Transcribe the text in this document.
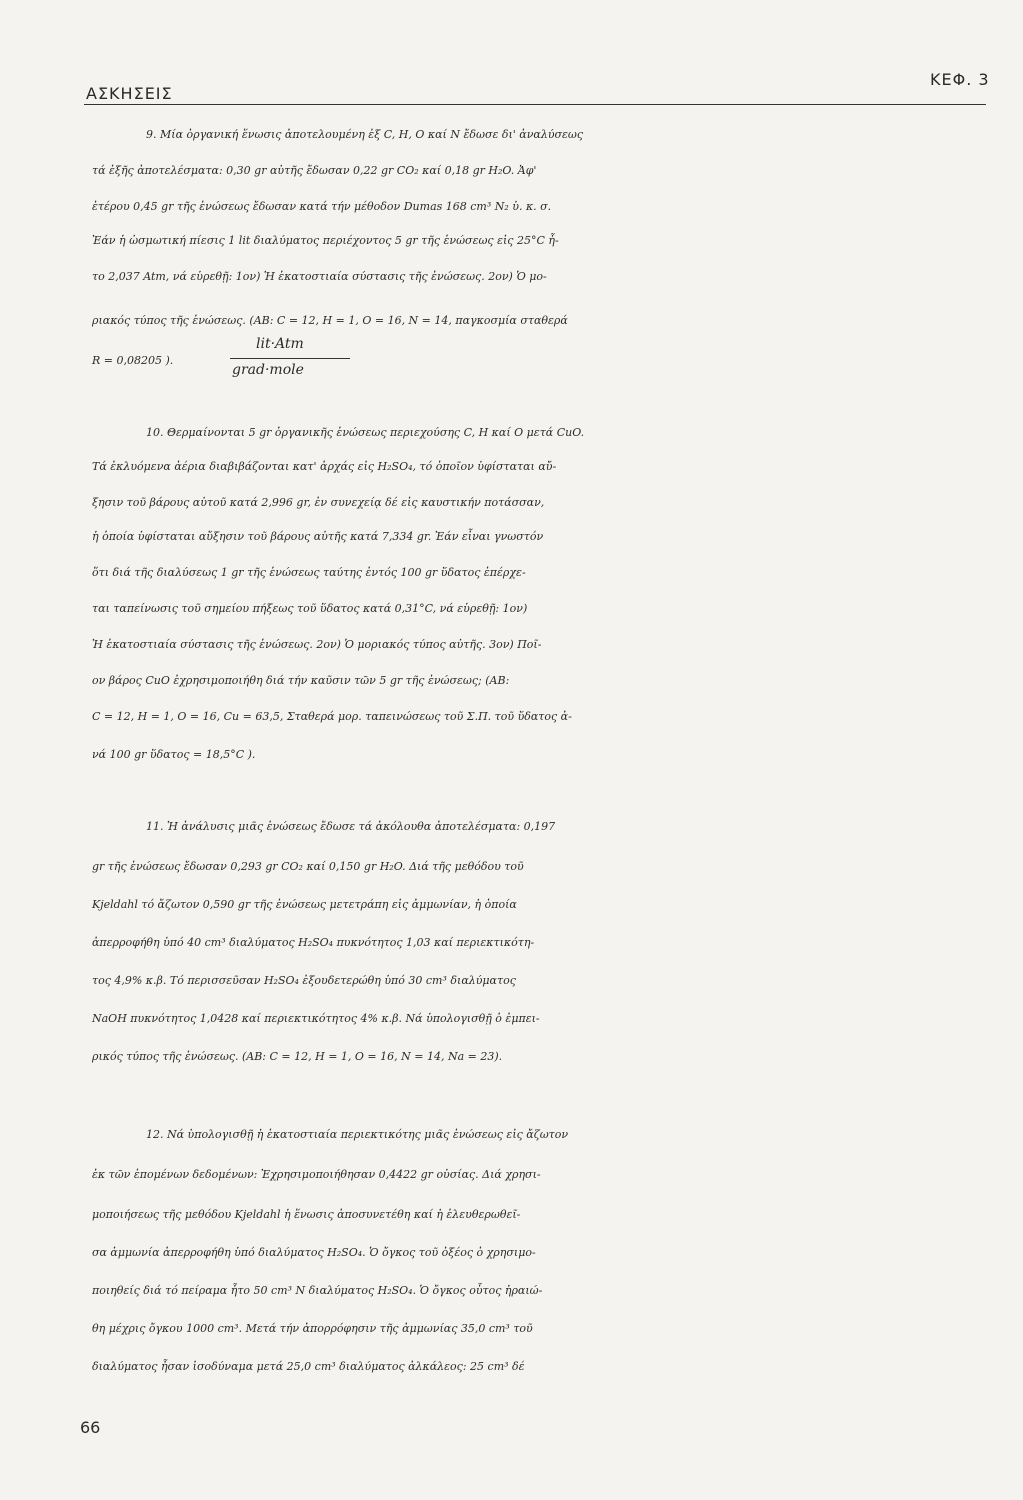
ΑΣΚΗΣΕΙΣ
ΚΕΦ. 3
9. Μία ὀργανική ἕνωσις ἀποτελουμένη ἐξ C, H, O καί N ἔδωσε δι' ἀναλύσεως
τά ἑξῆς ἀποτελέσματα: 0,30 gr αὐτῆς ἔδωσαν 0,22 gr CO₂ καί 0,18 gr H₂O. Ἀφ'
ἑτέρου 0,45 gr τῆς ἑνώσεως ἔδωσαν κατά τήν μέθοδον Dumas 168 cm³ N₂ ὑ. κ. σ.
Ἐάν ἡ ὠσμωτική πίεσις 1 lit διαλύματος περιέχοντος 5 gr τῆς ἑνώσεως εἰς 25°C ἦ-
το 2,037 Atm, νά εὑρεθῇ: 1ον) Ἡ ἑκατοστιαία σύστασις τῆς ἑνώσεως. 2ον) Ὁ μο-
ριακός τύπος τῆς ἑνώσεως. (ΑΒ: C = 12, H = 1, O = 16, N = 14, παγκοσμία σταθερά
R = 0,08205 ).
lit·Atm
grad·mole
10. Θερμαίνονται 5 gr ὀργανικῆς ἑνώσεως περιεχούσης C, H καί O μετά CuO.
Τά ἐκλυόμενα ἀέρια διαβιβάζονται κατ' ἀρχάς εἰς H₂SO₄, τό ὁποῖον ὑφίσταται αὔ-
ξησιν τοῦ βάρους αὐτοῦ κατά 2,996 gr, ἐν συνεχείᾳ δέ εἰς καυστικήν ποτάσσαν,
ἡ ὁποία ὑφίσταται αὔξησιν τοῦ βάρους αὐτῆς κατά 7,334 gr. Ἐάν εἶναι γνωστόν
ὅτι διά τῆς διαλύσεως 1 gr τῆς ἑνώσεως ταύτης ἐντός 100 gr ὕδατος ἐπέρχε-
ται ταπείνωσις τοῦ σημείου πήξεως τοῦ ὕδατος κατά 0,31°C, νά εὑρεθῇ: 1ον)
Ἡ ἑκατοστιαία σύστασις τῆς ἑνώσεως. 2ον) Ὁ μοριακός τύπος αὐτῆς. 3ον) Ποῖ-
ον βάρος CuO ἐχρησιμοποιήθη διά τήν καῦσιν τῶν 5 gr τῆς ἑνώσεως; (ΑΒ:
C = 12, H = 1, O = 16, Cu = 63,5, Σταθερά μορ. ταπεινώσεως τοῦ Σ.Π. τοῦ ὕδατος ἀ-
νά 100 gr ὕδατος = 18,5°C ).
11. Ἡ ἀνάλυσις μιᾶς ἑνώσεως ἔδωσε τά ἀκόλουθα ἀποτελέσματα: 0,197
gr τῆς ἑνώσεως ἔδωσαν 0,293 gr CO₂ καί 0,150 gr H₂O. Διά τῆς μεθόδου τοῦ
Kjeldahl τό ἄζωτον 0,590 gr τῆς ἑνώσεως μετετράπη εἰς ἀμμωνίαν, ἡ ὁποία
ἀπερροφήθη ὑπό 40 cm³ διαλύματος H₂SO₄ πυκνότητος 1,03 καί περιεκτικότη-
τος 4,9% κ.β. Τό περισσεῦσαν H₂SO₄ ἐξουδετερώθη ὑπό 30 cm³ διαλύματος
NaOH πυκνότητος 1,0428 καί περιεκτικότητος 4% κ.β. Νά ὑπολογισθῇ ὁ ἐμπει-
ρικός τύπος τῆς ἑνώσεως. (ΑΒ: C = 12, H = 1, O = 16, N = 14, Na = 23).
12. Νά ὑπολογισθῇ ἡ ἑκατοστιαία περιεκτικότης μιᾶς ἑνώσεως εἰς ἄζωτον
ἐκ τῶν ἑπομένων δεδομένων: Ἐχρησιμοποιήθησαν 0,4422 gr οὐσίας. Διά χρησι-
μοποιήσεως τῆς μεθόδου Kjeldahl ἡ ἕνωσις ἀποσυνετέθη καί ἡ ἐλευθερωθεῖ-
σα ἀμμωνία ἀπερροφήθη ὑπό διαλύματος H₂SO₄. Ὁ ὄγκος τοῦ ὀξέος ὁ χρησιμο-
ποιηθείς διά τό πείραμα ἦτο 50 cm³ N διαλύματος H₂SO₄. Ὁ ὄγκος οὗτος ἠραιώ-
θη μέχρις ὄγκου 1000 cm³. Μετά τήν ἀπορρόφησιν τῆς ἀμμωνίας 35,0 cm³ τοῦ
διαλύματος ἦσαν ἰσοδύναμα μετά 25,0 cm³ διαλύματος ἀλκάλεος: 25 cm³ δέ
66
